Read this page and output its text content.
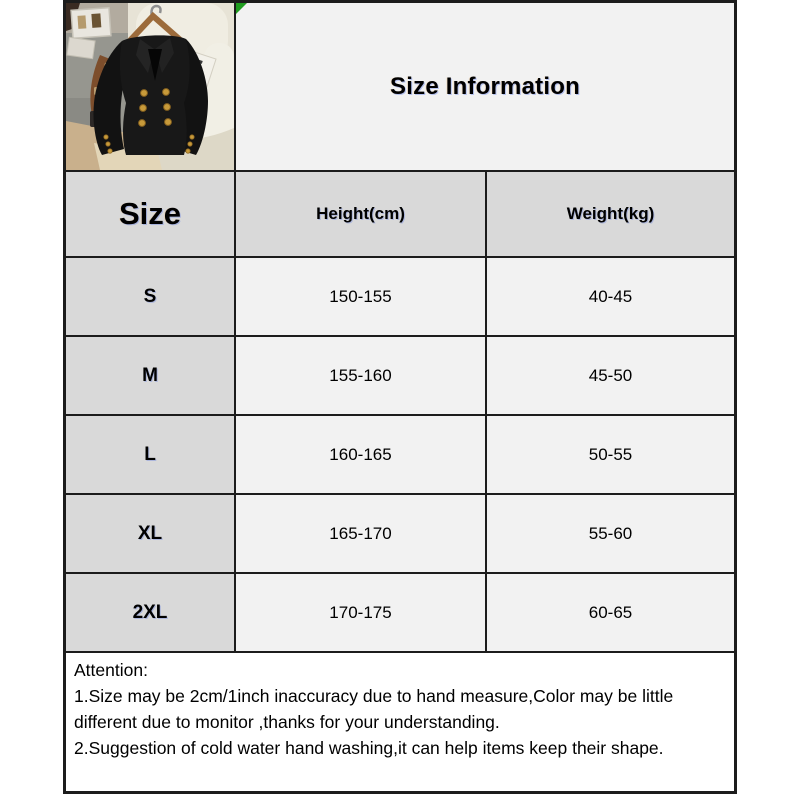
Size Information
Size	Height(cm)	Weight(kg)
S	150-155	40-45
M	155-160	45-50
L	160-165	50-55
XL	165-170	55-60
2XL	170-175	60-65
Attention:
1.Size may be 2cm/1inch inaccuracy due to hand measure,Color may be little different due to monitor ,thanks for your understanding.
2.Suggestion of cold water hand washing,it can help items keep their shape.
